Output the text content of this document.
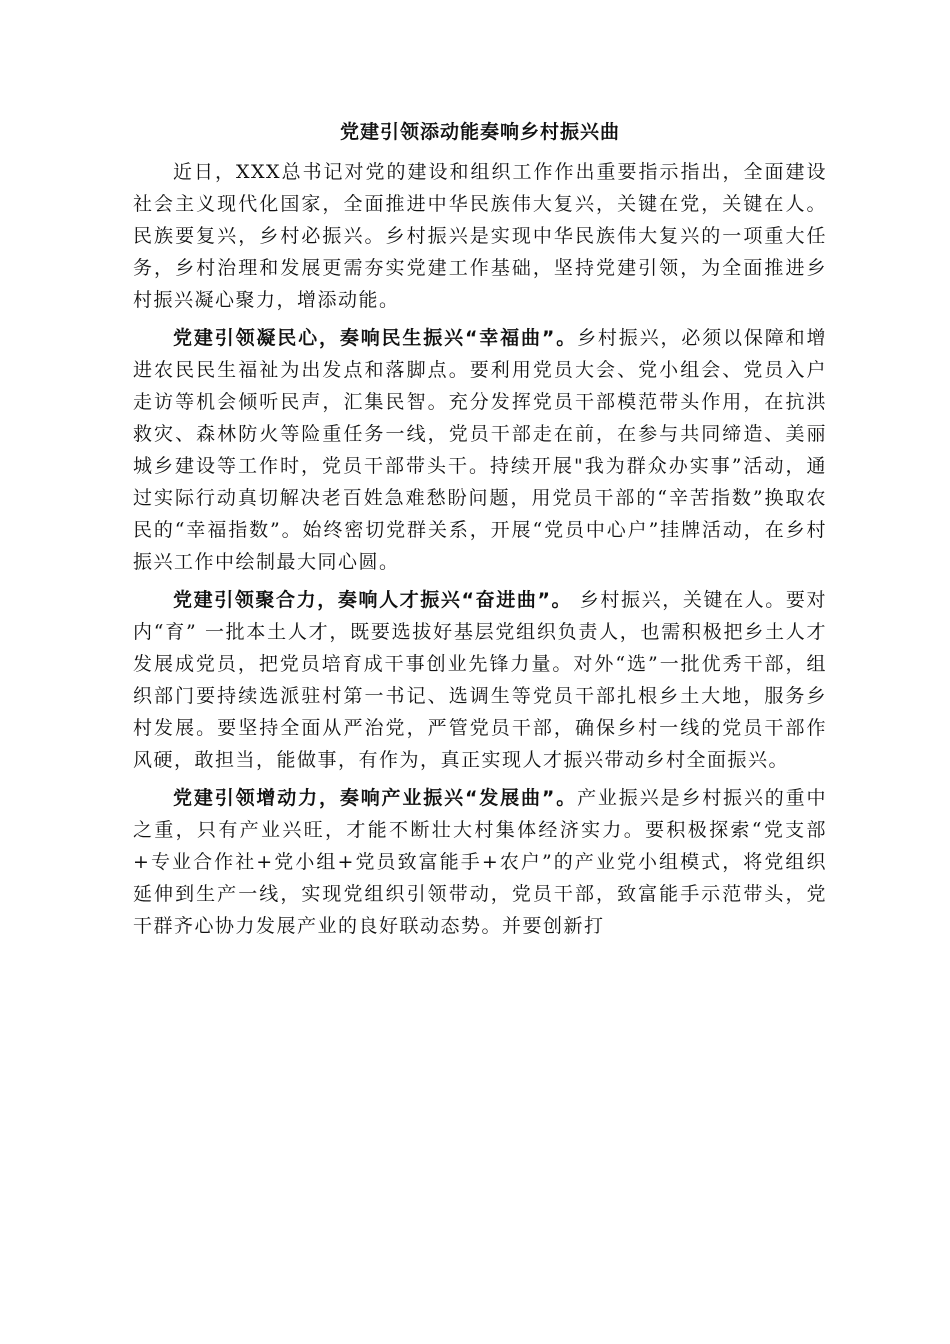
党建引领添动能奏响乡村振兴曲

近日，XXX总书记对党的建设和组织工作作出重要指示指出，全面建设社会主义现代化国家，全面推进中华民族伟大复兴，关键在党，关键在人。民族要复兴，乡村必振兴。乡村振兴是实现中华民族伟大复兴的一项重大任务，乡村治理和发展更需夯实党建工作基础，坚持党建引领，为全面推进乡村振兴凝心聚力，增添动能。

党建引领凝民心，奏响民生振兴“幸福曲”。乡村振兴，必须以保障和增进农民民生福祉为出发点和落脚点。要利用党员大会、党小组会、党员入户走访等机会倾听民声，汇集民智。充分发挥党员干部模范带头作用，在抗洪救灾、森林防火等险重任务一线，党员干部走在前，在参与共同缔造、美丽城乡建设等工作时，党员干部带头干。持续开展"我为群众办实事”活动，通过实际行动真切解决老百姓急难愁盼问题，用党员干部的“辛苦指数”换取农民的“幸福指数”。始终密切党群关系，开展“党员中心户”挂牌活动，在乡村振兴工作中绘制最大同心圆。

党建引领聚合力，奏响人才振兴“奋进曲”。 乡村振兴，关键在人。要对内“育” 一批本土人才，既要选拔好基层党组织负责人，也需积极把乡土人才发展成党员，把党员培育成干事创业先锋力量。对外“选”一批优秀干部，组织部门要持续选派驻村第一书记、选调生等党员干部扎根乡土大地，服务乡村发展。要坚持全面从严治党，严管党员干部，确保乡村一线的党员干部作风硬，敢担当，能做事，有作为，真正实现人才振兴带动乡村全面振兴。

党建引领增动力，奏响产业振兴“发展曲”。产业振兴是乡村振兴的重中之重，只有产业兴旺，才能不断壮大村集体经济实力。要积极探索“党支部+专业合作社+党小组+党员致富能手+农户”的产业党小组模式，将党组织延伸到生产一线，实现党组织引领带动，党员干部，致富能手示范带头，党干群齐心协力发展产业的良好联动态势。并要创新打
